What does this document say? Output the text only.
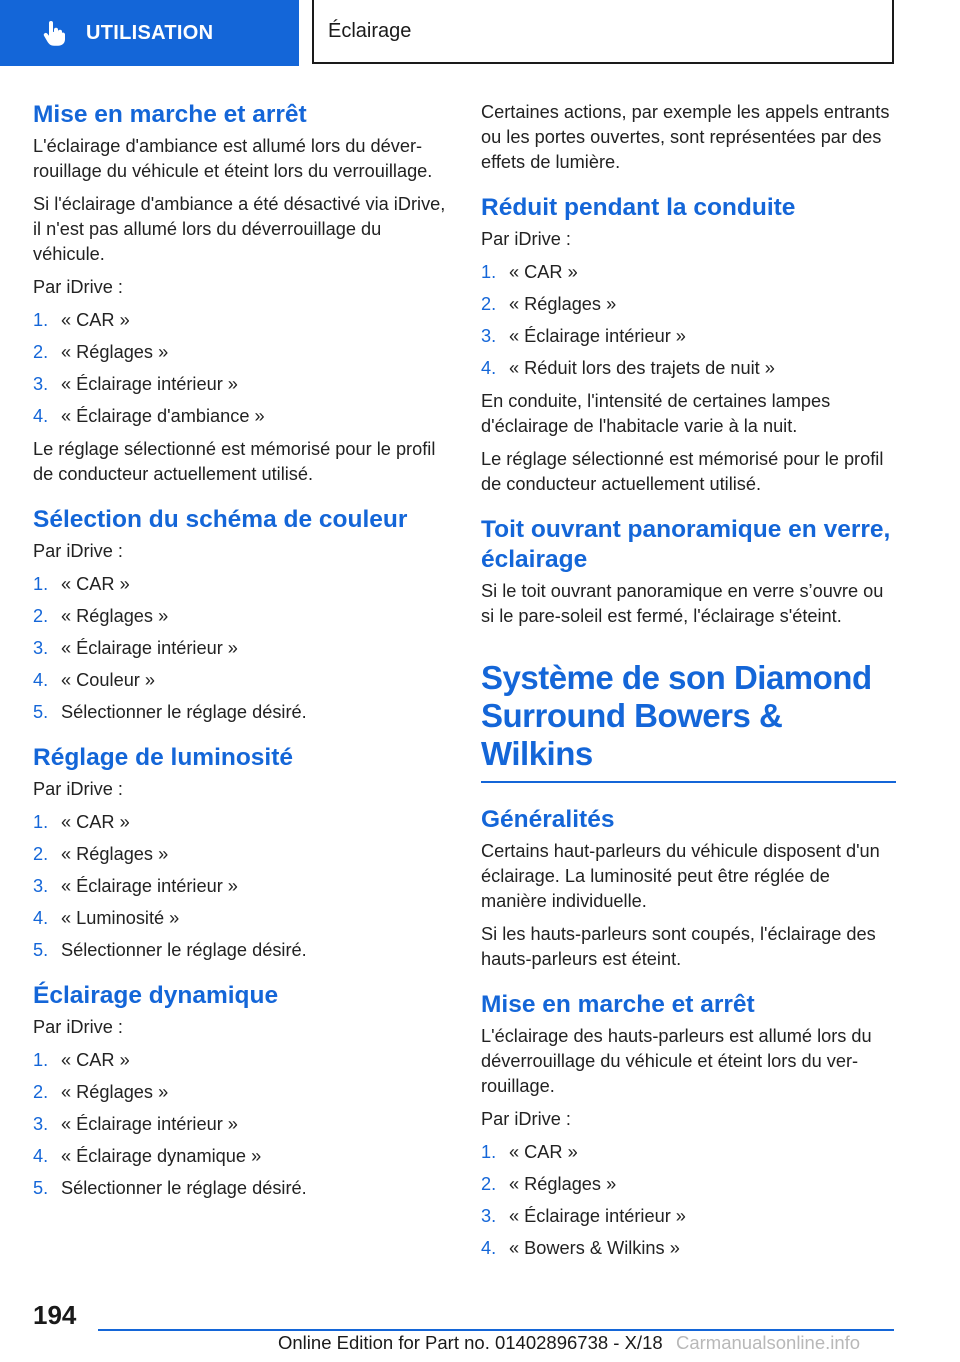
UTILISATION	Éclairage
Mise en marche et arrêt

L'éclairage d'ambiance est allumé lors du déverrouillage du véhicule et éteint lors du verrouillage.

Si l'éclairage d'ambiance a été désactivé via iDrive, il n'est pas allumé lors du déverrouillage du véhicule.

Par iDrive :

1. « CAR »
2. « Réglages »
3. « Éclairage intérieur »
4. « Éclairage d'ambiance »

Le réglage sélectionné est mémorisé pour le profil de conducteur actuellement utilisé.

Sélection du schéma de couleur

Par iDrive :

1. « CAR »
2. « Réglages »
3. « Éclairage intérieur »
4. « Couleur »
5. Sélectionner le réglage désiré.
Réglage de luminosité

Par iDrive :

1. « CAR »
2. « Réglages »
3. « Éclairage intérieur »
4. « Luminosité »
5. Sélectionner le réglage désiré.
Éclairage dynamique

Par iDrive :

1. « CAR »
2. « Réglages »
3. « Éclairage intérieur »
4. « Éclairage dynamique »
5. Sélectionner le réglage désiré.

Certaines actions, par exemple les appels entrants ou les portes ouvertes, sont représentées par des effets de lumière.

Réduit pendant la conduite

Par iDrive :

1. « CAR »
2. « Réglages »
3. « Éclairage intérieur »
4. « Réduit lors des trajets de nuit »

En conduite, l'intensité de certaines lampes d'éclairage de l'habitacle varie à la nuit.

Le réglage sélectionné est mémorisé pour le profil de conducteur actuellement utilisé.

Toit ouvrant panoramique en verre, éclairage

Si le toit ouvrant panoramique en verre s’ouvre ou si le pare-soleil est fermé, l'éclairage s'éteint.

Système de son Diamond Surround Bowers & Wilkins
Généralités

Certains haut-parleurs du véhicule disposent d'un éclairage. La luminosité peut être réglée de manière individuelle.

Si les hauts-parleurs sont coupés, l'éclairage des hauts-parleurs est éteint.

Mise en marche et arrêt

L'éclairage des hauts-parleurs est allumé lors du déverrouillage du véhicule et éteint lors du verrouillage.

Par iDrive :

1. « CAR »
2. « Réglages »
3. « Éclairage intérieur »
4. « Bowers & Wilkins »
194
Online Edition for Part no. 01402896738 - X/18 Carmanualsonline.info
